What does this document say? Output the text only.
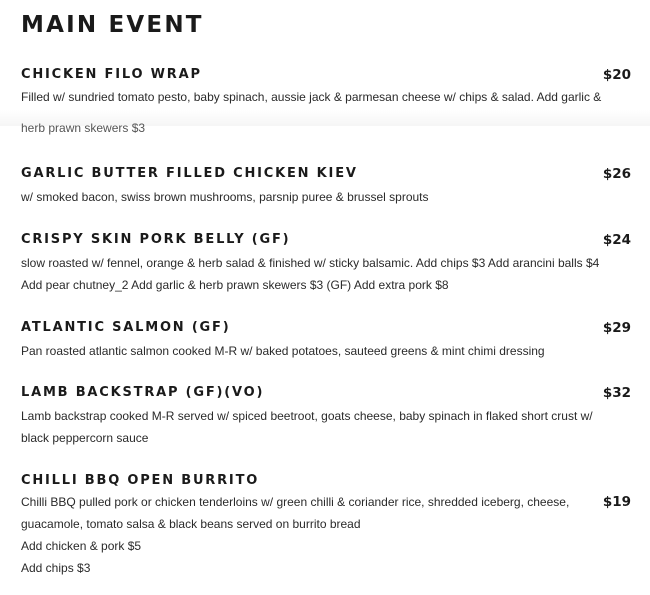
MAIN EVENT
$20
CHICKEN FILO WRAP
Filled w/ sundried tomato pesto, baby spinach, aussie jack & parmesan cheese w/ chips & salad. Add garlic &
herb prawn skewers $3
$26
GARLIC BUTTER FILLED CHICKEN KIEV
w/ smoked bacon, swiss brown mushrooms, parsnip puree & brussel sprouts
$24
CRISPY SKIN PORK BELLY (GF)
slow roasted w/ fennel, orange & herb salad & finished w/ sticky balsamic. Add chips $3 Add arancini balls $4
Add pear chutney_2 Add garlic & herb prawn skewers $3 (GF) Add extra pork $8
$29
ATLANTIC SALMON (GF)
Pan roasted atlantic salmon cooked M-R w/ baked potatoes, sauteed greens & mint chimi dressing
$32
LAMB BACKSTRAP (GF)(VO)
Lamb backstrap cooked M-R served w/ spiced beetroot, goats cheese, baby spinach in flaked short crust w/
black peppercorn sauce
$19
CHILLI BBQ OPEN BURRITO
Chilli BBQ pulled pork or chicken tenderloins w/ green chilli & coriander rice, shredded iceberg, cheese,
guacamole, tomato salsa & black beans served on burrito bread
Add chicken & pork $5
Add chips $3
